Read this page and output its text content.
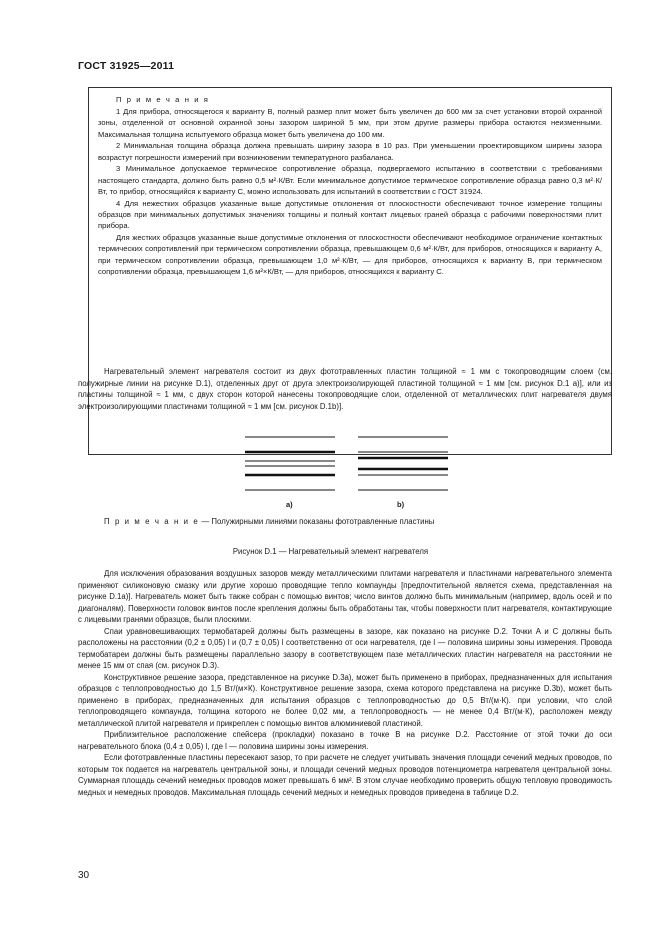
ГОСТ 31925—2011

П р и м е ч а н и я

1 Для прибора, относящегося к варианту B, полный размер плит может быть увеличен до 600 мм за счет установки второй охранной зоны, отделенной от основной охранной зоны зазором шириной 5 мм, при этом другие размеры прибора остаются неизменными. Максимальная толщина испытуемого образца может быть увеличена до 100 мм.

2 Минимальная толщина образца должна превышать ширину зазора в 10 раз. При уменьшении проектировщиком ширины зазора возрастут погрешности измерений при возникновении температурного разбаланса.

3 Минимальное допускаемое термическое сопротивление образца, подвергаемого испытанию в соответствии с требованиями настоящего стандарта, должно быть равно 0,5 м²·К/Вт. Если минимальное допустимое термическое сопротивление образца равно 0,3 м²·К/Вт, то прибор, относящийся к варианту C, можно использовать для испытаний в соответствии с ГОСТ 31924.

4 Для нежестких образцов указанные выше допустимые отклонения от плоскостности обеспечивают точное измерение толщины образцов при минимальных допустимых значениях толщины и полный контакт лицевых граней образца с рабочими поверхностями плит прибора.

Для жестких образцов указанные выше допустимые отклонения от плоскостности обеспечивают необходимое ограничение контактных термических сопротивлений при термическом сопротивлении образца, превышающем 0,6 м²·К/Вт, для приборов, относящихся к варианту A, при термическом сопротивлении образца, превышающем 1,0 м²·К/Вт, — для приборов, относящихся к варианту B, при термическом сопротивлении образца, превышающем 1,6 м²×К/Вт, — для приборов, относящихся к варианту C.

Нагревательный элемент нагревателя состоит из двух фототравленных пластин толщиной ≈ 1 мм с токопроводящим слоем (см. полужирные линии на рисунке D.1), отделенных друг от друга электроизолирующей пластиной толщиной ≈ 1 мм [см. рисунок D.1 a)], или из пластины толщиной ≈ 1 мм, с двух сторон которой нанесены токопроводящие слои, отделенной от металлических плит нагревателя двумя электроизолирующими пластинами толщиной ≈ 1 мм [см. рисунок D.1b)].

a)	b)
П р и м е ч а н и е — Полужирными линиями показаны фототравленные пластины
Рисунок D.1 — Нагревательный элемент нагревателя

Для исключения образования воздушных зазоров между металлическими плитами нагревателя и пластинами нагревательного элемента применяют силиконовую смазку или другие хорошо проводящие тепло компаунды [предпочтительной является схема, представленная на рисунке D.1a)]. Нагреватель может быть также собран с помощью винтов; число винтов должно быть минимальным (например, вдоль осей и по диагоналям). Поверхности головок винтов после крепления должны быть обработаны так, чтобы поверхности плит нагревателя, контактирующие с лицевыми гранями образцов, были плоскими.

Спаи уравновешивающих термобатарей должны быть размещены в зазоре, как показано на рисунке D.2. Точки A и C должны быть расположены на расстоянии (0,2 ± 0,05) l и (0,7 ± 0,05) l соответственно от оси нагревателя, где l — половина ширины зоны измерения. Провода термобатареи должны быть размещены параллельно зазору в соответствующем пазе металлических пластин нагревателя на расстоянии не менее 15 мм от спая (см. рисунок D.3).

Конструктивное решение зазора, представленное на рисунке D.3a), может быть применено в приборах, предназначенных для испытания образцов с теплопроводностью до 1,5 Вт/(м×К). Конструктивное решение зазора, схема которого представлена на рисунке D.3b), может быть применено в приборах, предназначенных для испытания образцов с теплопроводностью до 0,5 Вт/(м·К). при условии, что слой теплопроводящего компаунда, толщина которого не более 0,02 мм, а теплопроводность — не менее 0,4 Вт/(м·К), расположен между металлической плитой нагревателя и прикреплен с помощью винтов алюминиевой пластиной.

Приблизительное расположение спейсера (прокладки) показано в точке B на рисунке D.2. Расстояние от этой точки до оси нагревательного блока (0,4 ± 0,05) l, где l — половина ширины зоны измерения.

Если фототравленные пластины пересекают зазор, то при расчете не следует учитывать значения площади сечений медных проводов, по которым ток подается на нагреватель центральной зоны, и площади сечений медных проводов потенциометра нагревателя центральной зоны. Суммарная площадь сечений немедных проводов может превышать 6 мм². В этом случае необходимо проверить общую тепловую проводимость медных и немедных проводов. Максимальная площадь сечений медных и немедных проводов приведена в таблице D.2.

30
